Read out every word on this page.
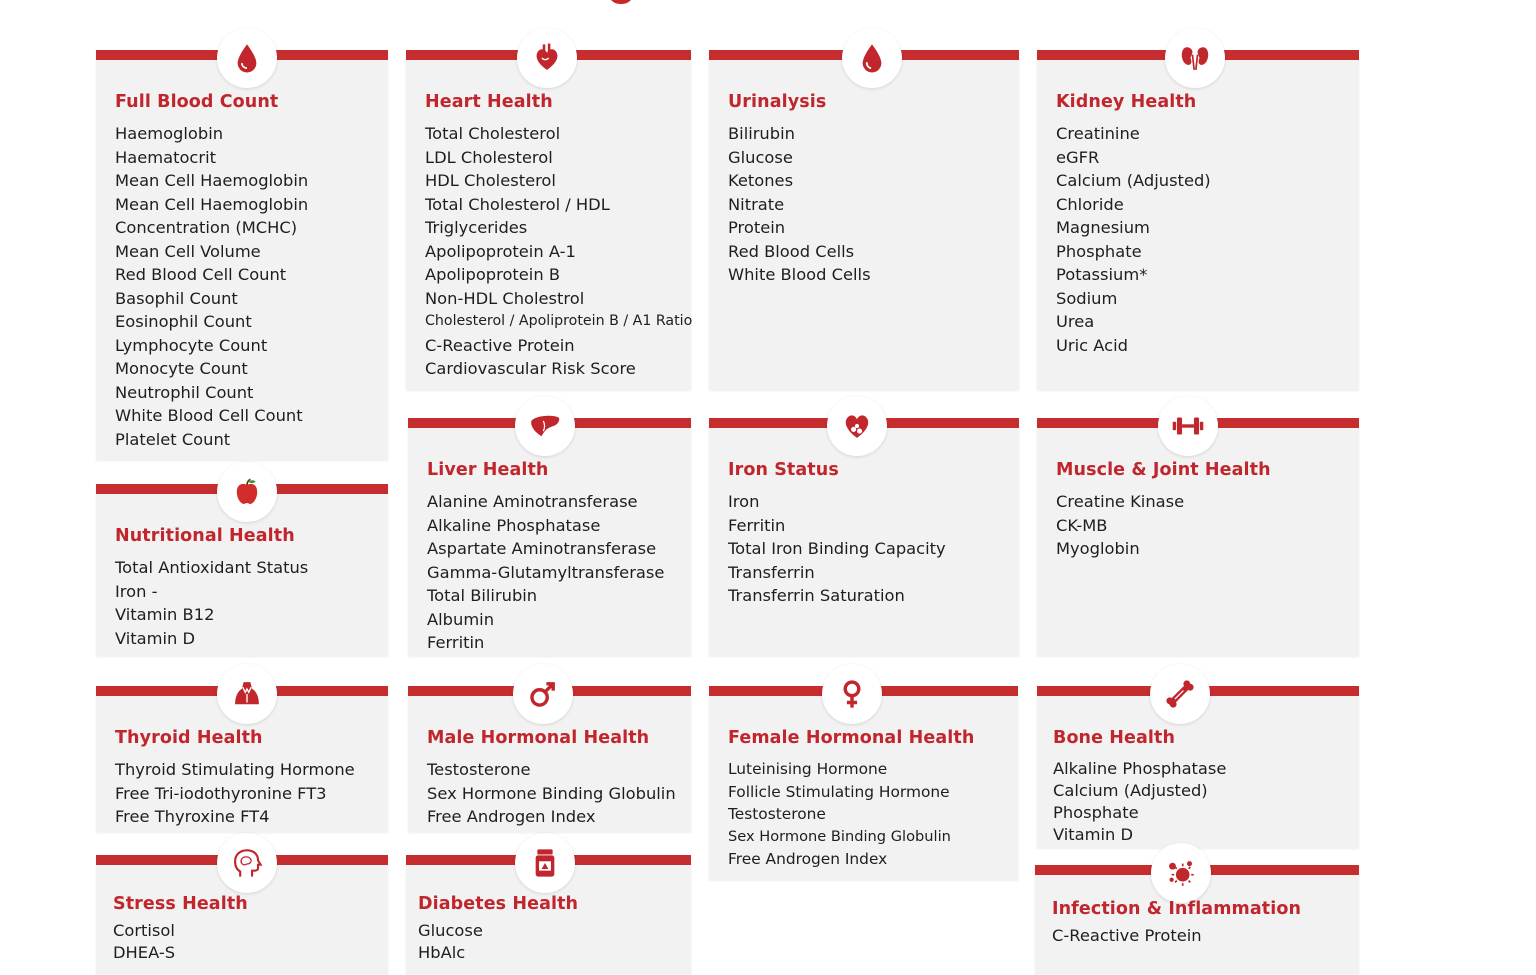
Full Blood Count
Haemoglobin
Haematocrit
Mean Cell Haemoglobin
Mean Cell Haemoglobin
Concentration (MCHC)
Mean Cell Volume
Red Blood Cell Count
Basophil Count
Eosinophil Count
Lymphocyte Count
Monocyte Count
Neutrophil Count
White Blood Cell Count
Platelet Count
Heart Health
Total Cholesterol
LDL Cholesterol
HDL Cholesterol
Total Cholesterol / HDL
Triglycerides
Apolipoprotein A-1
Apolipoprotein B
Non-HDL Cholestrol
Cholesterol / Apoliprotein B / A1 Ratio
C-Reactive Protein
Cardiovascular Risk Score
Urinalysis
Bilirubin
Glucose
Ketones
Nitrate
Protein
Red Blood Cells
White Blood Cells
Kidney Health
Creatinine
eGFR
Calcium (Adjusted)
Chloride
Magnesium
Phosphate
Potassium*
Sodium
Urea
Uric Acid
Nutritional Health
Total Antioxidant Status
Iron -
Vitamin B12
Vitamin D
Liver Health
Alanine Aminotransferase
Alkaline Phosphatase
Aspartate Aminotransferase
Gamma-Glutamyltransferase
Total Bilirubin
Albumin
Ferritin
Iron Status
Iron
Ferritin
Total Iron Binding Capacity
Transferrin
Transferrin Saturation
Muscle & Joint Health
Creatine Kinase
CK-MB
Myoglobin
Thyroid Health
Thyroid Stimulating Hormone
Free Tri-iodothyronine FT3
Free Thyroxine FT4
Male Hormonal Health
Testosterone
Sex Hormone Binding Globulin
Free Androgen Index
Female Hormonal Health
Luteinising Hormone
Follicle Stimulating Hormone
Testosterone
Sex Hormone Binding Globulin
Free Androgen Index
Bone Health
Alkaline Phosphatase
Calcium (Adjusted)
Phosphate
Vitamin D
Stress Health
Cortisol
DHEA-S
Diabetes Health
Glucose
HbAlc
Infection & Inflammation
C-Reactive Protein
